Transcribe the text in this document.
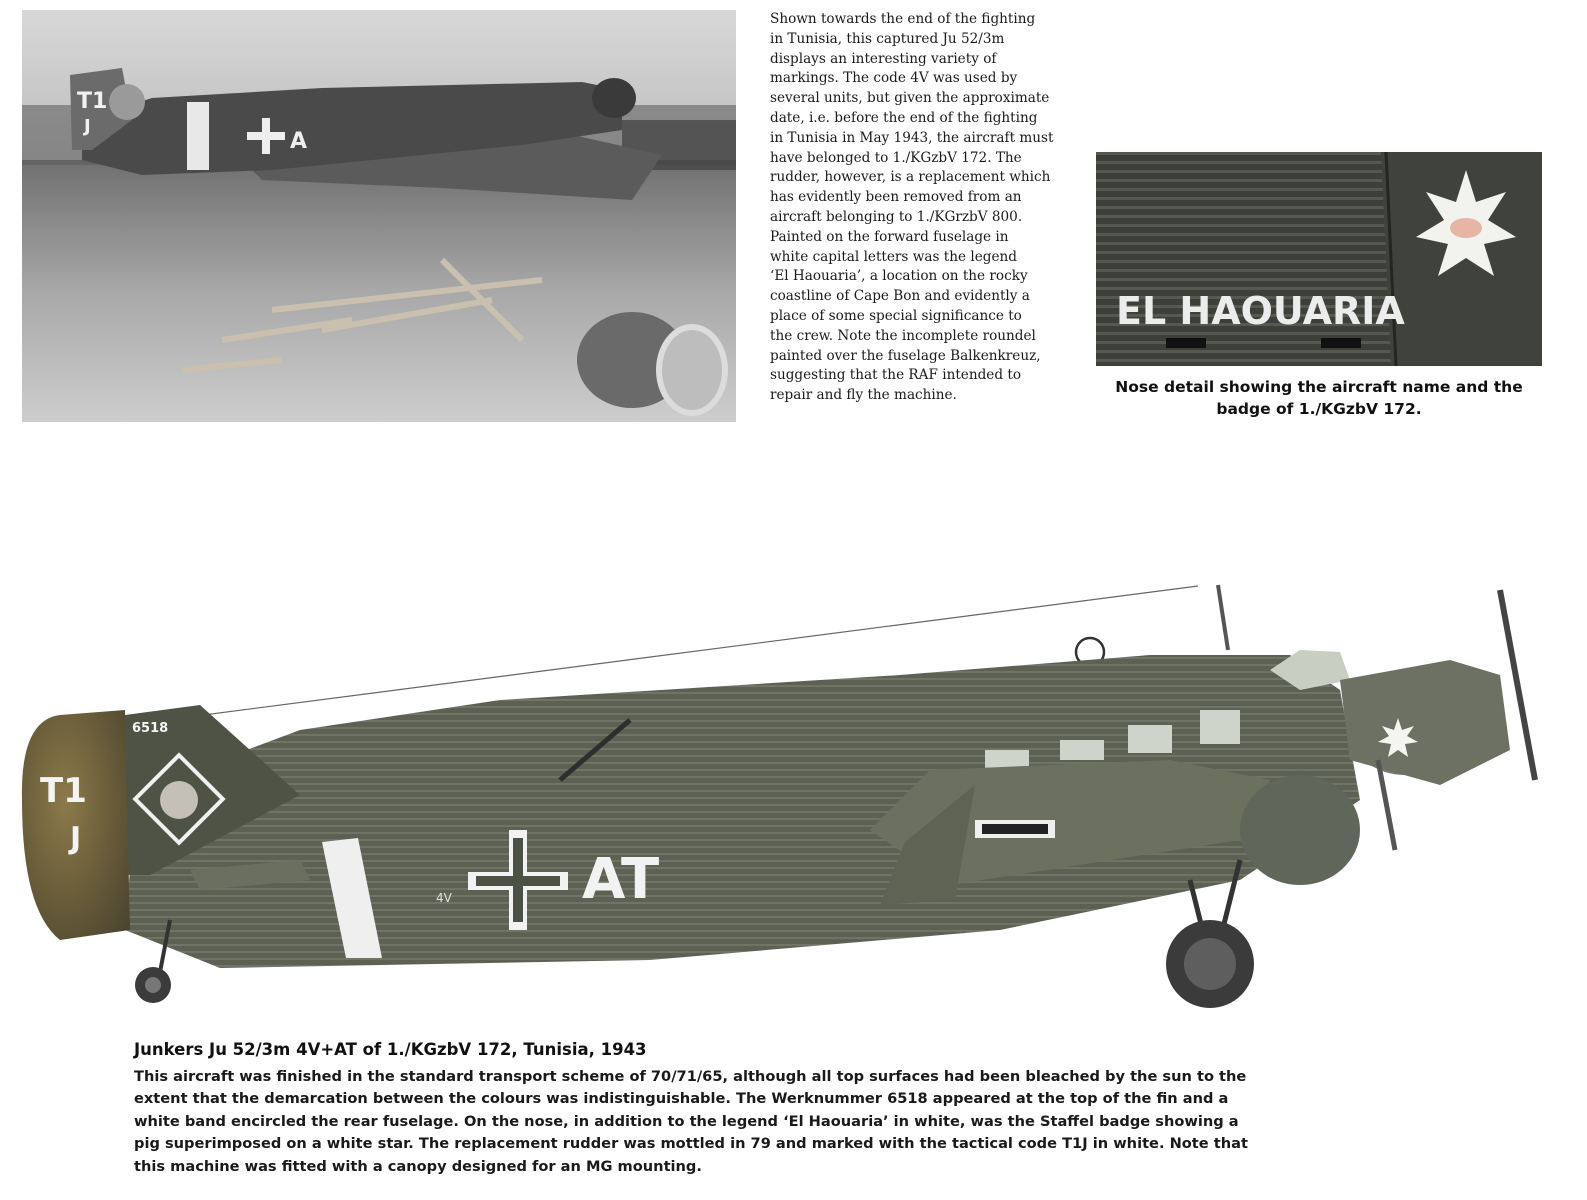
T1
J
A
Shown towards the end of the fighting
in Tunisia, this captured Ju 52/3m
displays an interesting variety of
markings. The code 4V was used by
several units, but given the approximate
date, i.e. before the end of the fighting
in Tunisia in May 1943, the aircraft must
have belonged to 1./KGzbV 172. The
rudder, however, is a replacement which
has evidently been removed from an
aircraft belonging to 1./KGrzbV 800.
Painted on the forward fuselage in
white capital letters was the legend
‘El Haouaria’, a location on the rocky
coastline of Cape Bon and evidently a
place of some special significance to
the crew. Note the incomplete roundel
painted over the fuselage Balkenkreuz,
suggesting that the RAF intended to
repair and fly the machine.
EL HAOUARIA
Nose detail showing the aircraft name and the
badge of 1./KGzbV 172.
T1
J
6518
4V AT
Junkers Ju 52/3m 4V+AT of 1./KGzbV 172, Tunisia, 1943
This aircraft was finished in the standard transport scheme of 70/71/65, although all top surfaces had been bleached by the sun to the
extent that the demarcation between the colours was indistinguishable. The Werknummer 6518 appeared at the top of the fin and a
white band encircled the rear fuselage. On the nose, in addition to the legend ‘El Haouaria’ in white, was the Staffel badge showing a
pig superimposed on a white star. The replacement rudder was mottled in 79 and marked with the tactical code T1J in white. Note that
this machine was fitted with a canopy designed for an MG mounting.
